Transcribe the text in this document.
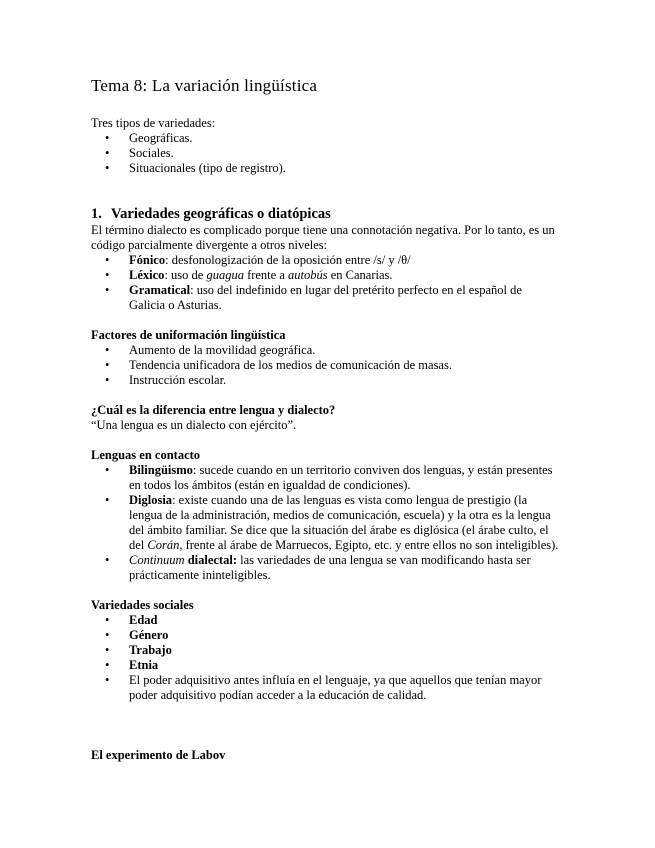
Tema 8: La variación lingüística

Tres tipos de variedades:

• Geográficas.
• Sociales.
• Situacionales (tipo de registro).
1. Variedades geográficas o diatópicas

El término dialecto es complicado porque tiene una connotación negativa. Por lo tanto, es un código parcialmente divergente a otros niveles:

• Fónico: desfonologización de la oposición entre /s/ y /θ/
• Léxico: uso de guagua frente a autobús en Canarias.
• Gramatical: uso del indefinido en lugar del pretérito perfecto en el español de Galicia o Asturias.

Factores de uniformación lingüística

• Aumento de la movilidad geográfica.
• Tendencia unificadora de los medios de comunicación de masas.
• Instrucción escolar.

¿Cuál es la diferencia entre lengua y dialecto?

“Una lengua es un dialecto con ejército”.

Lenguas en contacto

• Bilingüismo: sucede cuando en un territorio conviven dos lenguas, y están presentes en todos los ámbitos (están en igualdad de condiciones).
• Diglosia: existe cuando una de las lenguas es vista como lengua de prestigio (la lengua de la administración, medios de comunicación, escuela) y la otra es la lengua del ámbito familiar. Se dice que la situación del árabe es diglósica (el árabe culto, el del Corán, frente al árabe de Marruecos, Egipto, etc. y entre ellos no son inteligibles).
• Continuum dialectal: las variedades de una lengua se van modificando hasta ser prácticamente ininteligibles.

Variedades sociales

• Edad
• Género
• Trabajo
• Etnia
• El poder adquisitivo antes influía en el lenguaje, ya que aquellos que tenían mayor poder adquisitivo podían acceder a la educación de calidad.

El experimento de Labov
